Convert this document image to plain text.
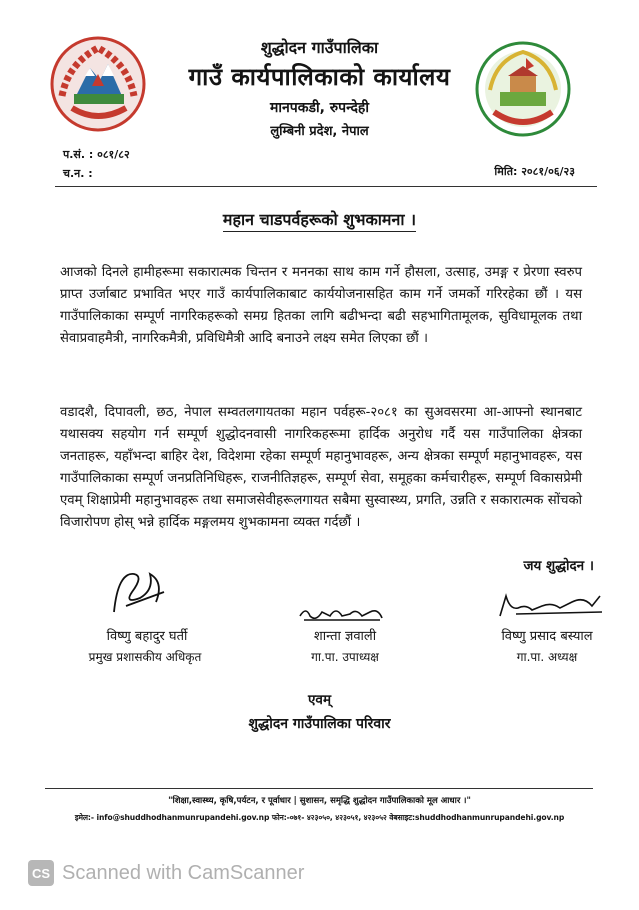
शुद्धोदन गाउँपालिका
गाउँ कार्यपालिकाको कार्यालय
मानपकडी, रुपन्देही
लुम्बिनी प्रदेश, नेपाल
प.सं. : ०८१/८२
च.न. :	मिति: २०८१/०६/२३
महान चाडपर्वहरूको शुभकामना ।
आजको दिनले हामीहरूमा सकारात्मक चिन्तन र मननका साथ काम गर्ने हौसला, उत्साह, उमङ्ग र प्रेरणा स्वरुप प्राप्त उर्जाबाट प्रभावित भएर गाउँ कार्यपालिकाबाट कार्ययोजनासहित काम गर्ने जमर्को गरिरहेका छौं । यस गाउँपालिकाका सम्पूर्ण नागरिकहरूको समग्र हितका लागि बढीभन्दा बढी सहभागितामूलक, सुविधामूलक तथा सेवाप्रवाहमैत्री, नागरिकमैत्री, प्रविधिमैत्री आदि बनाउने लक्ष्य समेत लिएका छौं ।
वडादशै, दिपावली, छठ, नेपाल सम्वतलगायतका महान पर्वहरू-२०८१ का सुअवसरमा आ-आफ्नो स्थानबाट यथासक्य सहयोग गर्न सम्पूर्ण शुद्धोदनवासी नागरिकहरूमा हार्दिक अनुरोध गर्दै यस गाउँपालिका क्षेत्रका जनताहरू, यहाँभन्दा बाहिर देश, विदेशमा रहेका सम्पूर्ण महानुभावहरू, अन्य क्षेत्रका सम्पूर्ण महानुभावहरू, यस गाउँपालिकाका सम्पूर्ण जनप्रतिनिधिहरू, राजनीतिज्ञहरू, सम्पूर्ण सेवा, समूहका कर्मचारीहरू, सम्पूर्ण विकासप्रेमी एवम् शिक्षाप्रेमी महानुभावहरू तथा समाजसेवीहरूलगायत सबैमा सुस्वास्थ्य, प्रगति, उन्नति र सकारात्मक सोंचको विजारोपण होस् भन्ने हार्दिक मङ्गलमय शुभकामना व्यक्त गर्दछौं ।
जय शुद्धोदन ।
विष्णु बहादुर घर्ती
प्रमुख प्रशासकीय अधिकृत
शान्ता ज्ञवाली
गा.पा. उपाध्यक्ष
विष्णु प्रसाद बस्याल
गा.पा. अध्यक्ष
एवम्
शुद्धोदन गाउँपालिका परिवार
"शिक्षा,स्वास्थ्य, कृषि,पर्यटन, र पूर्वाधार | सुशासन, समृद्धि शुद्धोदन गाउँपालिकाको मूल आधार ।"
इमेल:- info@shuddhodhanmunrupandehi.gov.np फोन:-०७१- ४२३०५०, ४२३०५१, ४२३०५२ वेबसाइट:shuddhodhanmunrupandehi.gov.np
CS Scanned with CamScanner
